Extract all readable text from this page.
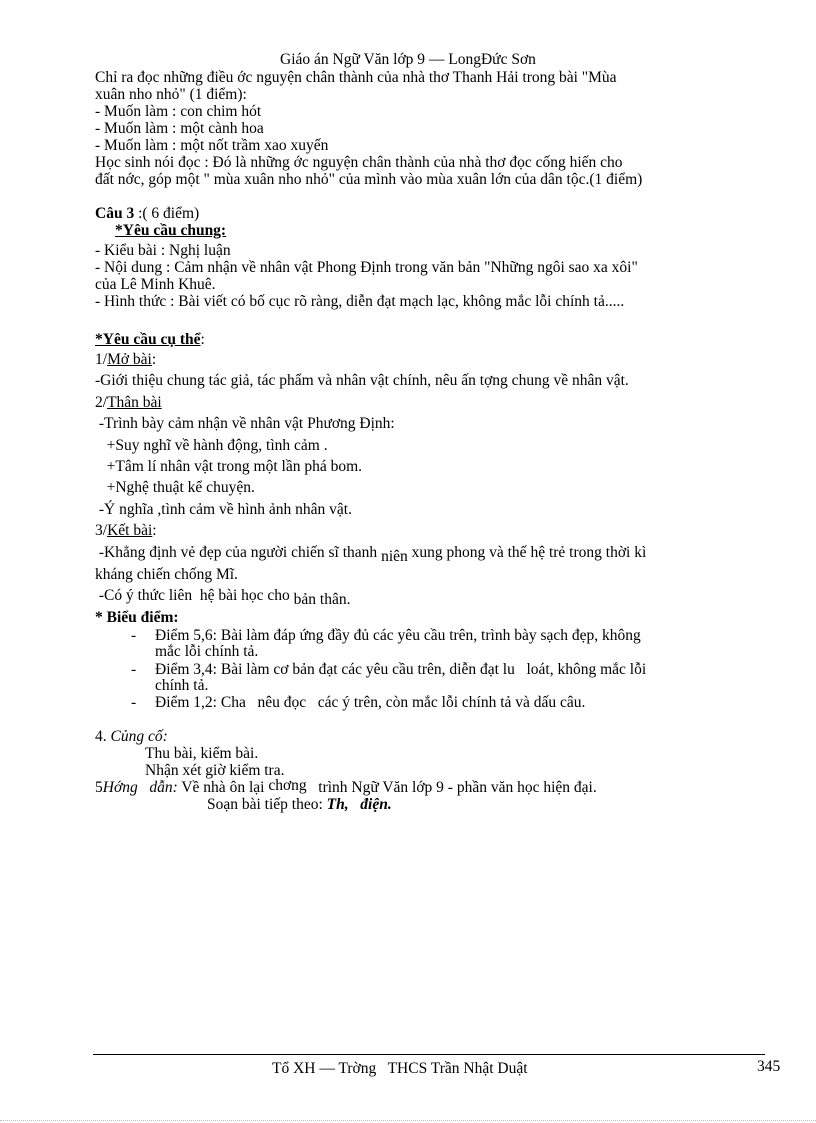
Giáo án Ngữ Văn lớp 9 — LongĐức Sơn
Chỉ ra đọc những điều ớc nguyện chân thành của nhà thơ Thanh Hải trong bài "Mùa
xuân nho nhỏ" (1 điểm):
- Muốn làm : con chim hót
- Muốn làm : một cành hoa
- Muốn làm : một nốt trầm xao xuyến
Học sinh nói đọc : Đó là những ớc nguyện chân thành của nhà thơ đọc cống hiến cho
đất nớc, góp một " mùa xuân nho nhỏ" của mình vào mùa xuân lớn của dân tộc.(1 điểm)
Câu 3 :( 6 điểm)
*Yêu cầu chung:
- Kiểu bài : Nghị luận
- Nội dung : Cảm nhận về nhân vật Phong Định trong văn bản "Những ngôi sao xa xôi"
của Lê Minh Khuê.
- Hình thức : Bài viết có bố cục rõ ràng, diễn đạt mạch lạc, không mắc lỗi chính tả.....
*Yêu cầu cụ thể:
1/Mở bài:
-Giới thiệu chung tác giả, tác phẩm và nhân vật chính, nêu ấn tợng chung về nhân vật.
2/Thân bài
-Trình bày cảm nhận về nhân vật Phương Định:
+Suy nghĩ về hành động, tình cảm .
+Tâm lí nhân vật trong một lần phá bom.
+Nghệ thuật kể chuyện.
-Ý nghĩa ,tình cảm về hình ảnh nhân vật.
3/Kết bài:
-Khẳng định vẻ đẹp của người chiến sĩ thanh niên xung phong và thế hệ trẻ trong thời kì
kháng chiến chống Mĩ.
-Có ý thức liên  hệ bài học cho bản thân.
* Biểu điểm:
- Điểm 5,6: Bài làm đáp ứng đầy đủ các yêu cầu trên, trình bày sạch đẹp, không
mắc lỗi chính tả.
- Điểm 3,4: Bài làm cơ bản đạt các yêu cầu trên, diễn đạt lu   loát, không mắc lỗi
chính tả.
- Điểm 1,2: Cha   nêu đọc   các ý trên, còn mắc lỗi chính tả và dấu câu.
4. Củng cố:
Thu bài, kiểm bài.
Nhận xét giờ kiểm tra.
5Hớng   dẫn: Về nhà ôn lại chơng   trình Ngữ Văn lớp 9 - phần văn học hiện đại.
Soạn bài tiếp theo: Th,   điện.
Tổ XH — Trờng   THCS Trần Nhật Duật	345
